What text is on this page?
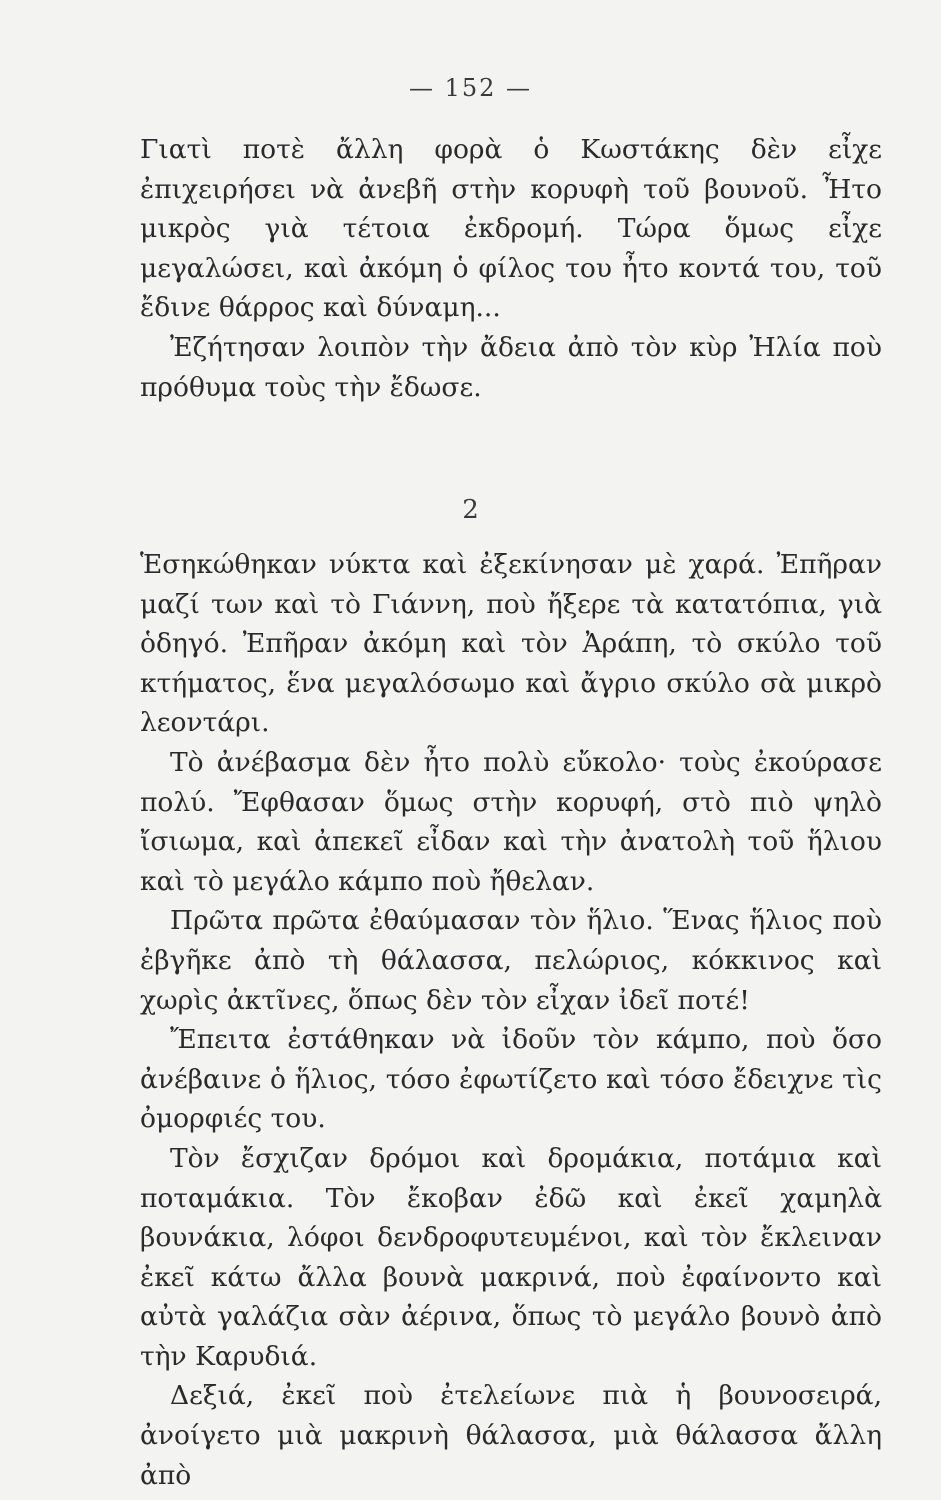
— 152 —

Γιατὶ ποτὲ ἄλλη φορὰ ὁ Κωστάκης δὲν εἶχε ἐπιχειρήσει νὰ ἀνεβῆ στὴν κορυφὴ τοῦ βουνοῦ. Ἦτο μικρὸς γιὰ τέτοια ἐκδρομή. Τώρα ὅμως εἶχε μεγαλώσει, καὶ ἀκόμη ὁ φίλος του ἦτο κοντά του, τοῦ ἔδινε θάρρος καὶ δύναμη...

Ἐζήτησαν λοιπὸν τὴν ἄδεια ἀπὸ τὸν κὺρ Ἠλία ποὺ πρόθυμα τοὺς τὴν ἔδωσε.

2

Ἑσηκώθηκαν νύκτα καὶ ἐξεκίνησαν μὲ χαρά. Ἐπῆραν μαζί των καὶ τὸ Γιάννη, ποὺ ἤξερε τὰ κατατόπια, γιὰ ὁδηγό. Ἐπῆραν ἀκόμη καὶ τὸν Ἀράπη, τὸ σκύλο τοῦ κτήματος, ἕνα μεγαλόσωμο καὶ ἄγριο σκύλο σὰ μικρὸ λεοντάρι.

Τὸ ἀνέβασμα δὲν ἦτο πολὺ εὔκολο· τοὺς ἐκούρασε πολύ. Ἔφθασαν ὅμως στὴν κορυφή, στὸ πιὸ ψηλὸ ἴσιωμα, καὶ ἀπεκεῖ εἶδαν καὶ τὴν ἀνατολὴ τοῦ ἥλιου καὶ τὸ μεγάλο κάμπο ποὺ ἤθελαν.

Πρῶτα πρῶτα ἐθαύμασαν τὸν ἥλιο. Ἕνας ἥλιος ποὺ ἐβγῆκε ἀπὸ τὴ θάλασσα, πελώριος, κόκκινος καὶ χωρὶς ἀκτῖνες, ὅπως δὲν τὸν εἶχαν ἰδεῖ ποτέ!

Ἔπειτα ἐστάθηκαν νὰ ἰδοῦν τὸν κάμπο, ποὺ ὅσο ἀνέβαινε ὁ ἥλιος, τόσο ἐφωτίζετο καὶ τόσο ἔδειχνε τὶς ὀμορφιές του.

Τὸν ἔσχιζαν δρόμοι καὶ δρομάκια, ποτάμια καὶ ποταμάκια. Τὸν ἔκοβαν ἐδῶ καὶ ἐκεῖ χαμηλὰ βουνάκια, λόφοι δενδροφυτευμένοι, καὶ τὸν ἔκλειναν ἐκεῖ κάτω ἄλλα βουνὰ μακρινά, ποὺ ἐφαίνοντο καὶ αὐτὰ γαλάζια σὰν ἀέρινα, ὅπως τὸ μεγάλο βουνὸ ἀπὸ τὴν Καρυδιά.

Δεξιά, ἐκεῖ ποὺ ἐτελείωνε πιὰ ἡ βουνοσειρά, ἀνοίγετο μιὰ μακρινὴ θάλασσα, μιὰ θάλασσα ἄλλη ἀπὸ
